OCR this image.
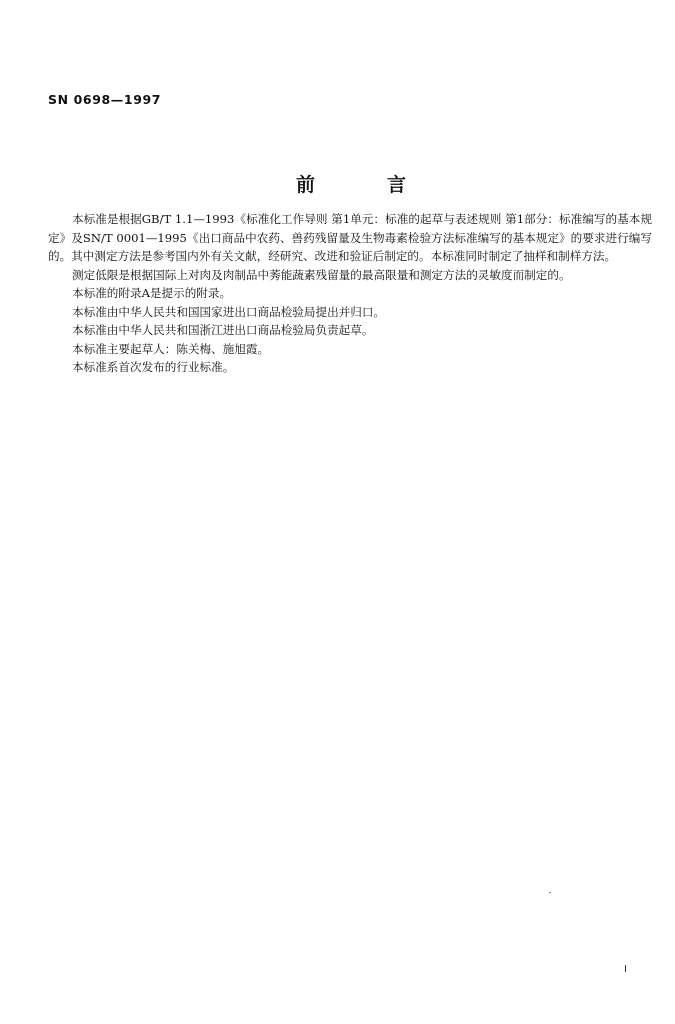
SN 0698—1997
前	言

本标准是根据GB/T 1.1—1993《标准化工作导则 第1单元：标准的起草与表述规则 第1部分：标准编写的基本规定》及SN/T 0001—1995《出口商品中农药、兽药残留量及生物毒素检验方法标准编写的基本规定》的要求进行编写的。其中测定方法是参考国内外有关文献，经研究、改进和验证后制定的。本标准同时制定了抽样和制样方法。

测定低限是根据国际上对肉及肉制品中莠能蔬素残留量的最高限量和测定方法的灵敏度而制定的。

本标准的附录A是提示的附录。

本标准由中华人民共和国国家进出口商品检验局提出并归口。

本标准由中华人民共和国浙江进出口商品检验局负责起草。

本标准主要起草人：陈关梅、施旭霞。

本标准系首次发布的行业标准。

I
